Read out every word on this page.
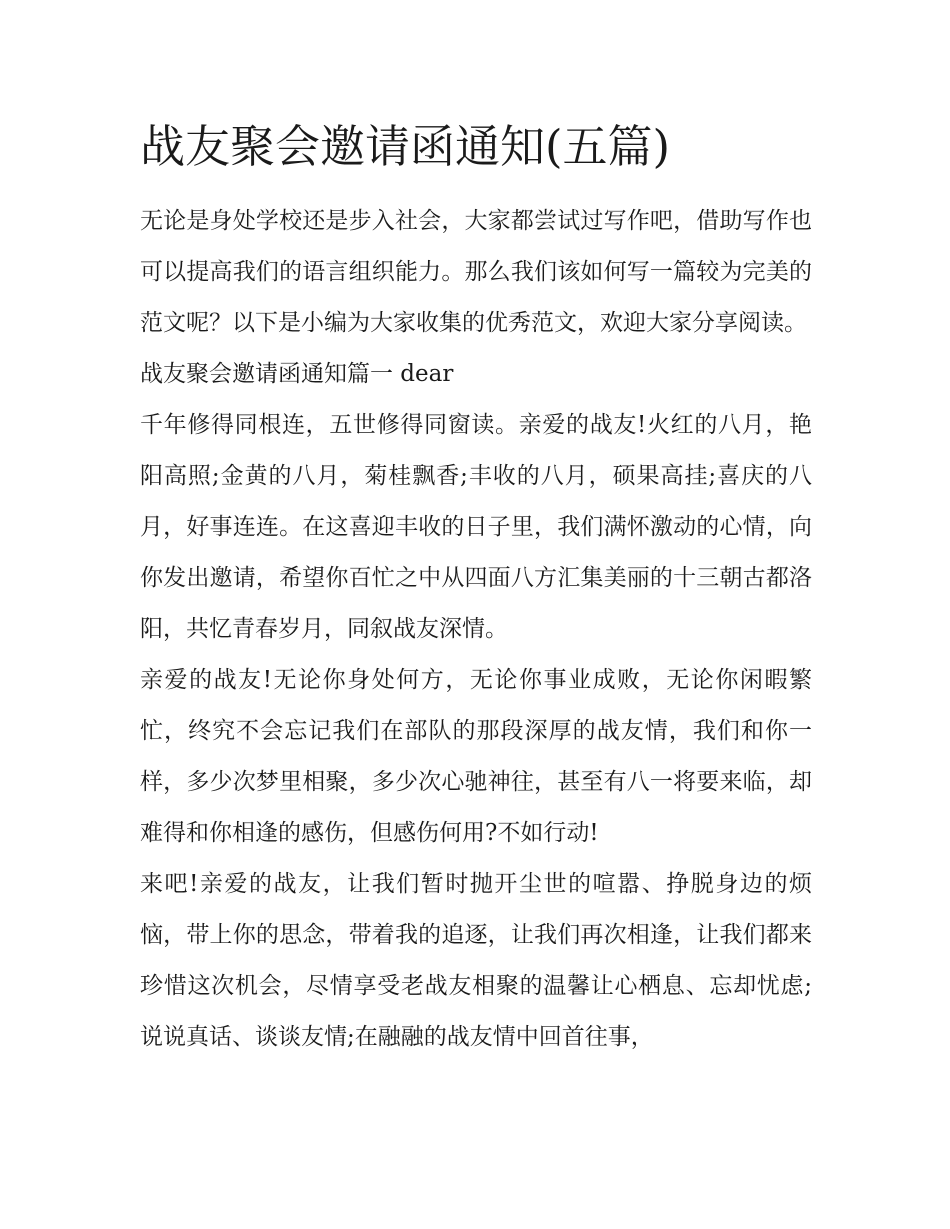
战友聚会邀请函通知(五篇)

无论是身处学校还是步入社会，大家都尝试过写作吧，借助写作也可以提高我们的语言组织能力。那么我们该如何写一篇较为完美的范文呢？以下是小编为大家收集的优秀范文，欢迎大家分享阅读。

战友聚会邀请函通知篇一 dear

千年修得同根连，五世修得同窗读。亲爱的战友!火红的八月，艳阳高照;金黄的八月，菊桂飘香;丰收的八月，硕果高挂;喜庆的八月，好事连连。在这喜迎丰收的日子里，我们满怀激动的心情，向你发出邀请，希望你百忙之中从四面八方汇集美丽的十三朝古都洛阳，共忆青春岁月，同叙战友深情。

亲爱的战友!无论你身处何方，无论你事业成败，无论你闲暇繁忙，终究不会忘记我们在部队的那段深厚的战友情，我们和你一样，多少次梦里相聚，多少次心驰神往，甚至有八一将要来临，却难得和你相逢的感伤，但感伤何用?不如行动!

来吧!亲爱的战友，让我们暂时抛开尘世的喧嚣、挣脱身边的烦恼，带上你的思念，带着我的追逐，让我们再次相逢，让我们都来珍惜这次机会，尽情享受老战友相聚的温馨让心栖息、忘却忧虑;说说真话、谈谈友情;在融融的战友情中回首往事，
